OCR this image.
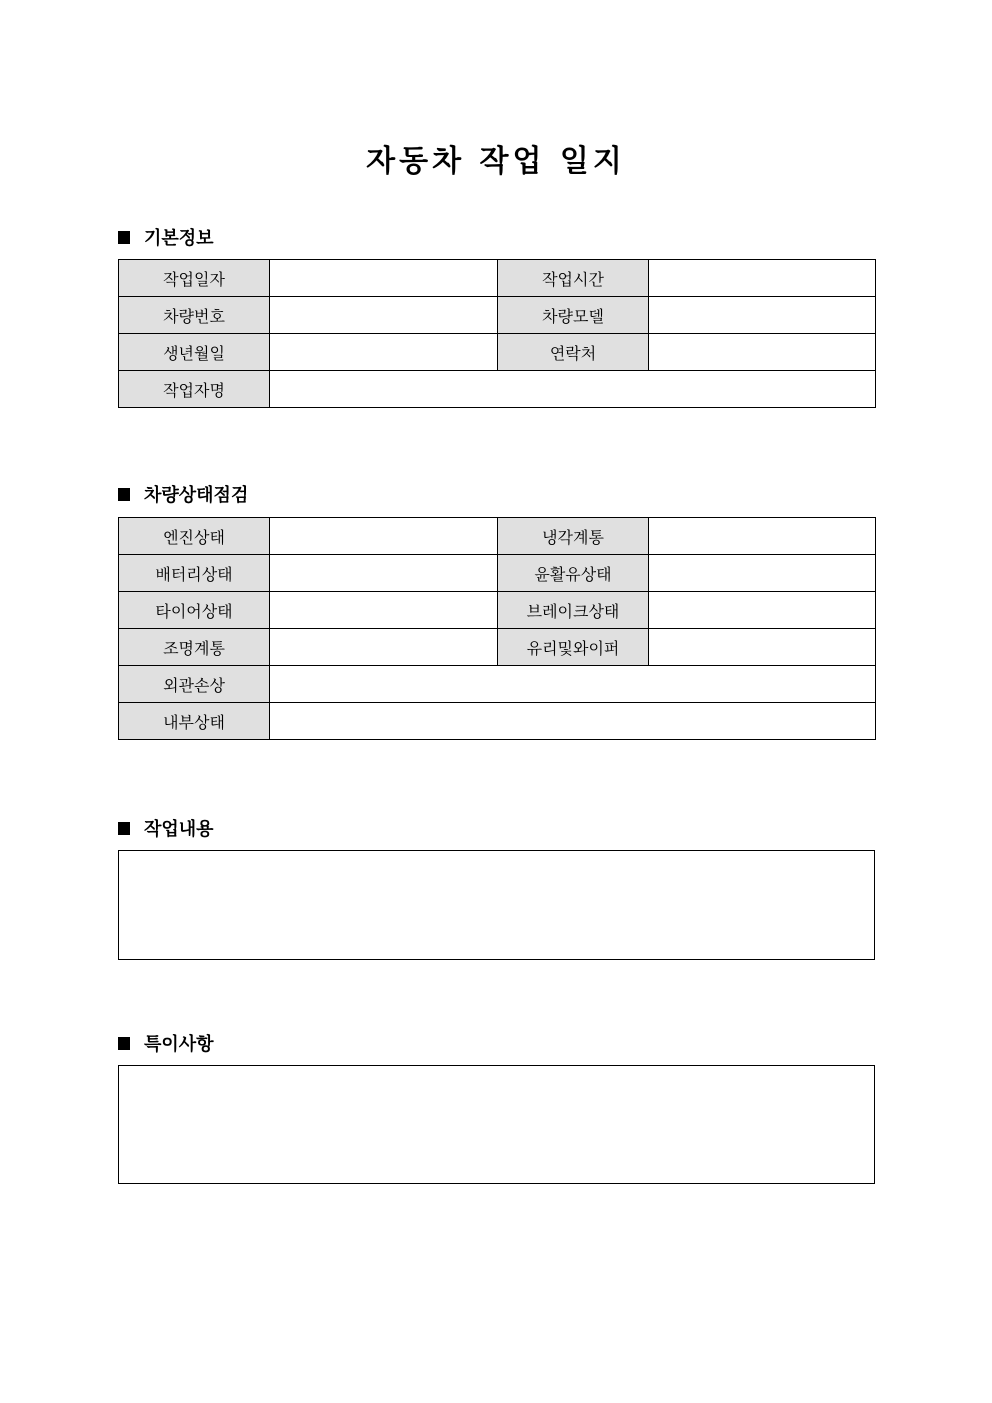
자동차 작업 일지
기본정보
작업일자		작업시간	
차량번호		차량모델	
생년월일		연락처	
작업자명			
차량상태점검
엔진상태		냉각계통	
배터리상태		윤활유상태	
타이어상태		브레이크상태	
조명계통		유리및와이퍼	
외관손상			
내부상태			
작업내용
특이사항
